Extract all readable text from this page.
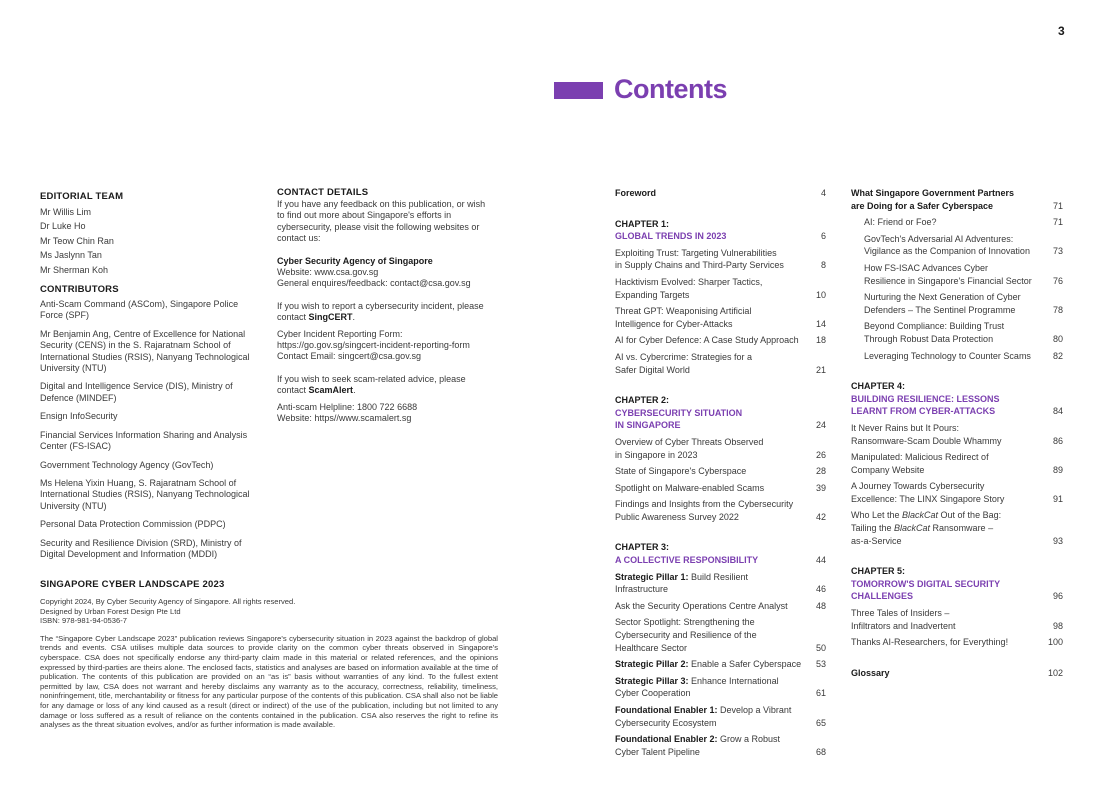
3
Contents
EDITORIAL TEAM
Mr Willis Lim
Dr Luke Ho
Mr Teow Chin Ran
Ms Jaslynn Tan
Mr Sherman Koh
CONTRIBUTORS
Anti-Scam Command (ASCom), Singapore Police Force (SPF)
Mr Benjamin Ang, Centre of Excellence for National Security (CENS) in the S. Rajaratnam School of International Studies (RSIS), Nanyang Technological University (NTU)
Digital and Intelligence Service (DIS), Ministry of Defence (MINDEF)
Ensign InfoSecurity
Financial Services Information Sharing and Analysis Center (FS-ISAC)
Government Technology Agency (GovTech)
Ms Helena Yixin Huang, S. Rajaratnam School of International Studies (RSIS), Nanyang Technological University (NTU)
Personal Data Protection Commission (PDPC)
Security and Resilience Division (SRD), Ministry of Digital Development and Information (MDDI)
CONTACT DETAILS

If you have any feedback on this publication, or wish to find out more about Singapore's efforts in cybersecurity, please visit the following websites or contact us:

Cyber Security Agency of Singapore
Website: www.csa.gov.sg
General enquires/feedback: contact@csa.gov.sg

If you wish to report a cybersecurity incident, please contact SingCERT.

Cyber Incident Reporting Form: https://go.gov.sg/singcert-incident-reporting-form
Contact Email: singcert@csa.gov.sg

If you wish to seek scam-related advice, please contact ScamAlert.

Anti-scam Helpline: 1800 722 6688
Website: https//www.scamalert.sg

SINGAPORE CYBER LANDSCAPE 2023
Copyright 2024, By Cyber Security Agency of Singapore. All rights reserved.
Designed by Urban Forest Design Pte Ltd
ISBN: 978-981-94-0536-7
The “Singapore Cyber Landscape 2023” publication reviews Singapore's cybersecurity situation in 2023 against the backdrop of global trends and events. CSA utilises multiple data sources to provide clarity on the common cyber threats observed in Singapore's cyberspace. CSA does not specifically endorse any third-party claim made in this material or related references, and the opinions expressed by third-parties are theirs alone. The enclosed facts, statistics and analyses are based on information available at the time of publication. The contents of this publication are provided on an “as is” basis without warranties of any kind. To the fullest extent permitted by law, CSA does not warrant and hereby disclaims any warranty as to the accuracy, correctness, reliability, timeliness, noninfringement, title, merchantability or fitness for any particular purpose of the contents of this publication. CSA shall also not be liable for any damage or loss of any kind caused as a result (direct or indirect) of the use of the publication, including but not limited to any damage or loss suffered as a result of reliance on the contents contained in the publication. CSA also reserves the right to refine its analyses as the threat situation evolves, and/or as further information is made available.
Foreword	4
CHAPTER 1:
GLOBAL TRENDS IN 2023	6
Exploiting Trust: Targeting Vulnerabilities
in Supply Chains and Third-Party Services	8
Hacktivism Evolved: Sharper Tactics,
Expanding Targets	10
Threat GPT: Weaponising Artificial
Intelligence for Cyber-Attacks	14
AI for Cyber Defence: A Case Study Approach	18
AI vs. Cybercrime: Strategies for a
Safer Digital World	21
CHAPTER 2:
CYBERSECURITY SITUATION
IN SINGAPORE	24
Overview of Cyber Threats Observed
in Singapore in 2023	26
State of Singapore's Cyberspace	28
Spotlight on Malware-enabled Scams	39
Findings and Insights from the Cybersecurity
Public Awareness Survey 2022	42
CHAPTER 3:
A COLLECTIVE RESPONSIBILITY	44
Strategic Pillar 1: Build Resilient
Infrastructure	46
Ask the Security Operations Centre Analyst	48
Sector Spotlight: Strengthening the
Cybersecurity and Resilience of the
Healthcare Sector	50
Strategic Pillar 2: Enable a Safer Cyberspace	53
Strategic Pillar 3: Enhance International
Cyber Cooperation	61
Foundational Enabler 1: Develop a Vibrant
Cybersecurity Ecosystem	65
Foundational Enabler 2: Grow a Robust
Cyber Talent Pipeline	68
What Singapore Government Partners
are Doing for a Safer Cyberspace	71
AI: Friend or Foe?	71
GovTech's Adversarial AI Adventures:
Vigilance as the Companion of Innovation	73
How FS-ISAC Advances Cyber
Resilience in Singapore's Financial Sector	76
Nurturing the Next Generation of Cyber
Defenders – The Sentinel Programme	78
Beyond Compliance: Building Trust
Through Robust Data Protection	80
Leveraging Technology to Counter Scams	82
CHAPTER 4:
BUILDING RESILIENCE: LESSONS
LEARNT FROM CYBER-ATTACKS	84
It Never Rains but It Pours:
Ransomware-Scam Double Whammy	86
Manipulated: Malicious Redirect of
Company Website	89
A Journey Towards Cybersecurity
Excellence: The LINX Singapore Story	91
Who Let the BlackCat Out of the Bag:
Tailing the BlackCat Ransomware –
as-a-Service	93
CHAPTER 5:
TOMORROW'S DIGITAL SECURITY
CHALLENGES	96
Three Tales of Insiders –
Infiltrators and Inadvertent	98
Thanks AI-Researchers, for Everything!	100
Glossary	102
